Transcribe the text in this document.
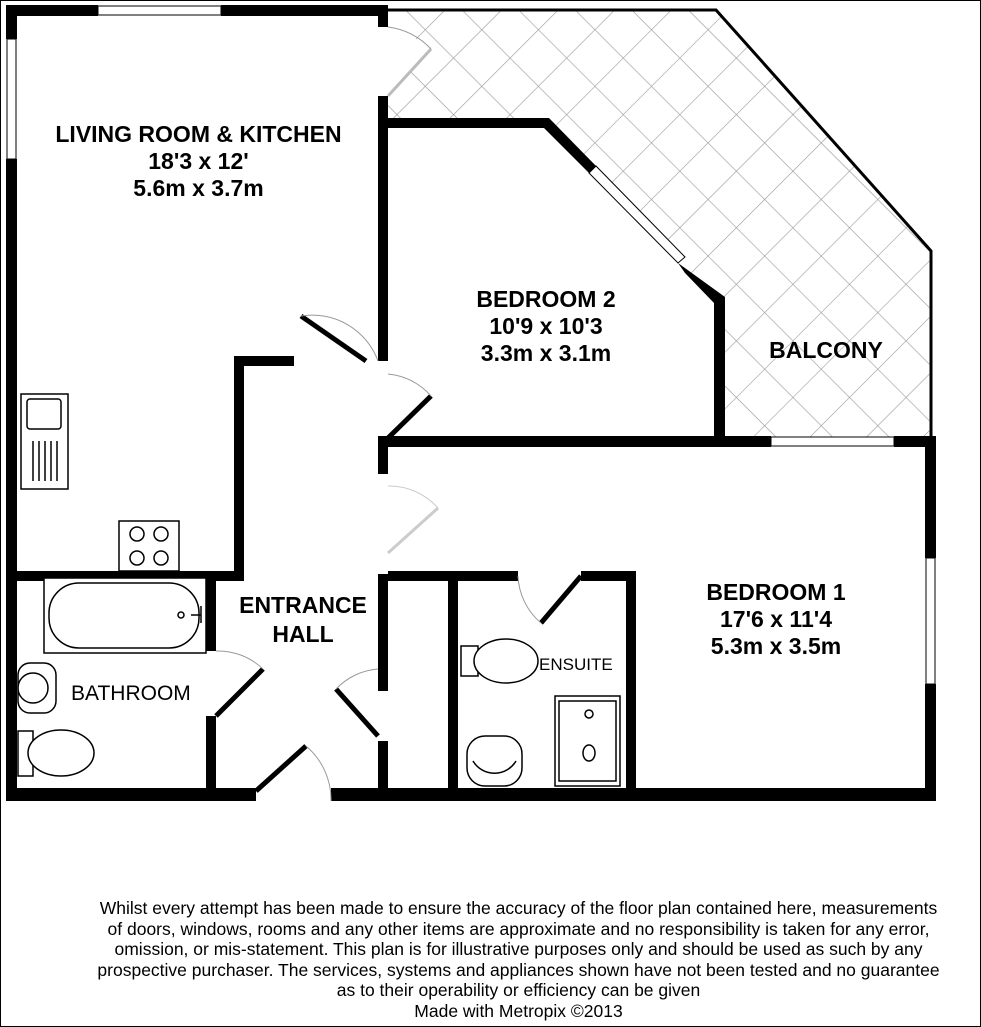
LIVING ROOM & KITCHEN
18'3 x 12'
5.6m x 3.7m
BEDROOM 2
10'9 x 10'3
3.3m x 3.1m	BALCONY
BEDROOM 1
17'6 x 11'4
5.3m x 3.5m
ENTRANCE
HALL
BATHROOM
ENSUITE
Whilst every attempt has been made to ensure the accuracy of the floor plan contained here, measurements
of doors, windows, rooms and any other items are approximate and no responsibility is taken for any error,
omission, or mis-statement. This plan is for illustrative purposes only and should be used as such by any
prospective purchaser. The services, systems and appliances shown have not been tested and no guarantee
as to their operability or efficiency can be given
Made with Metropix ©2013
